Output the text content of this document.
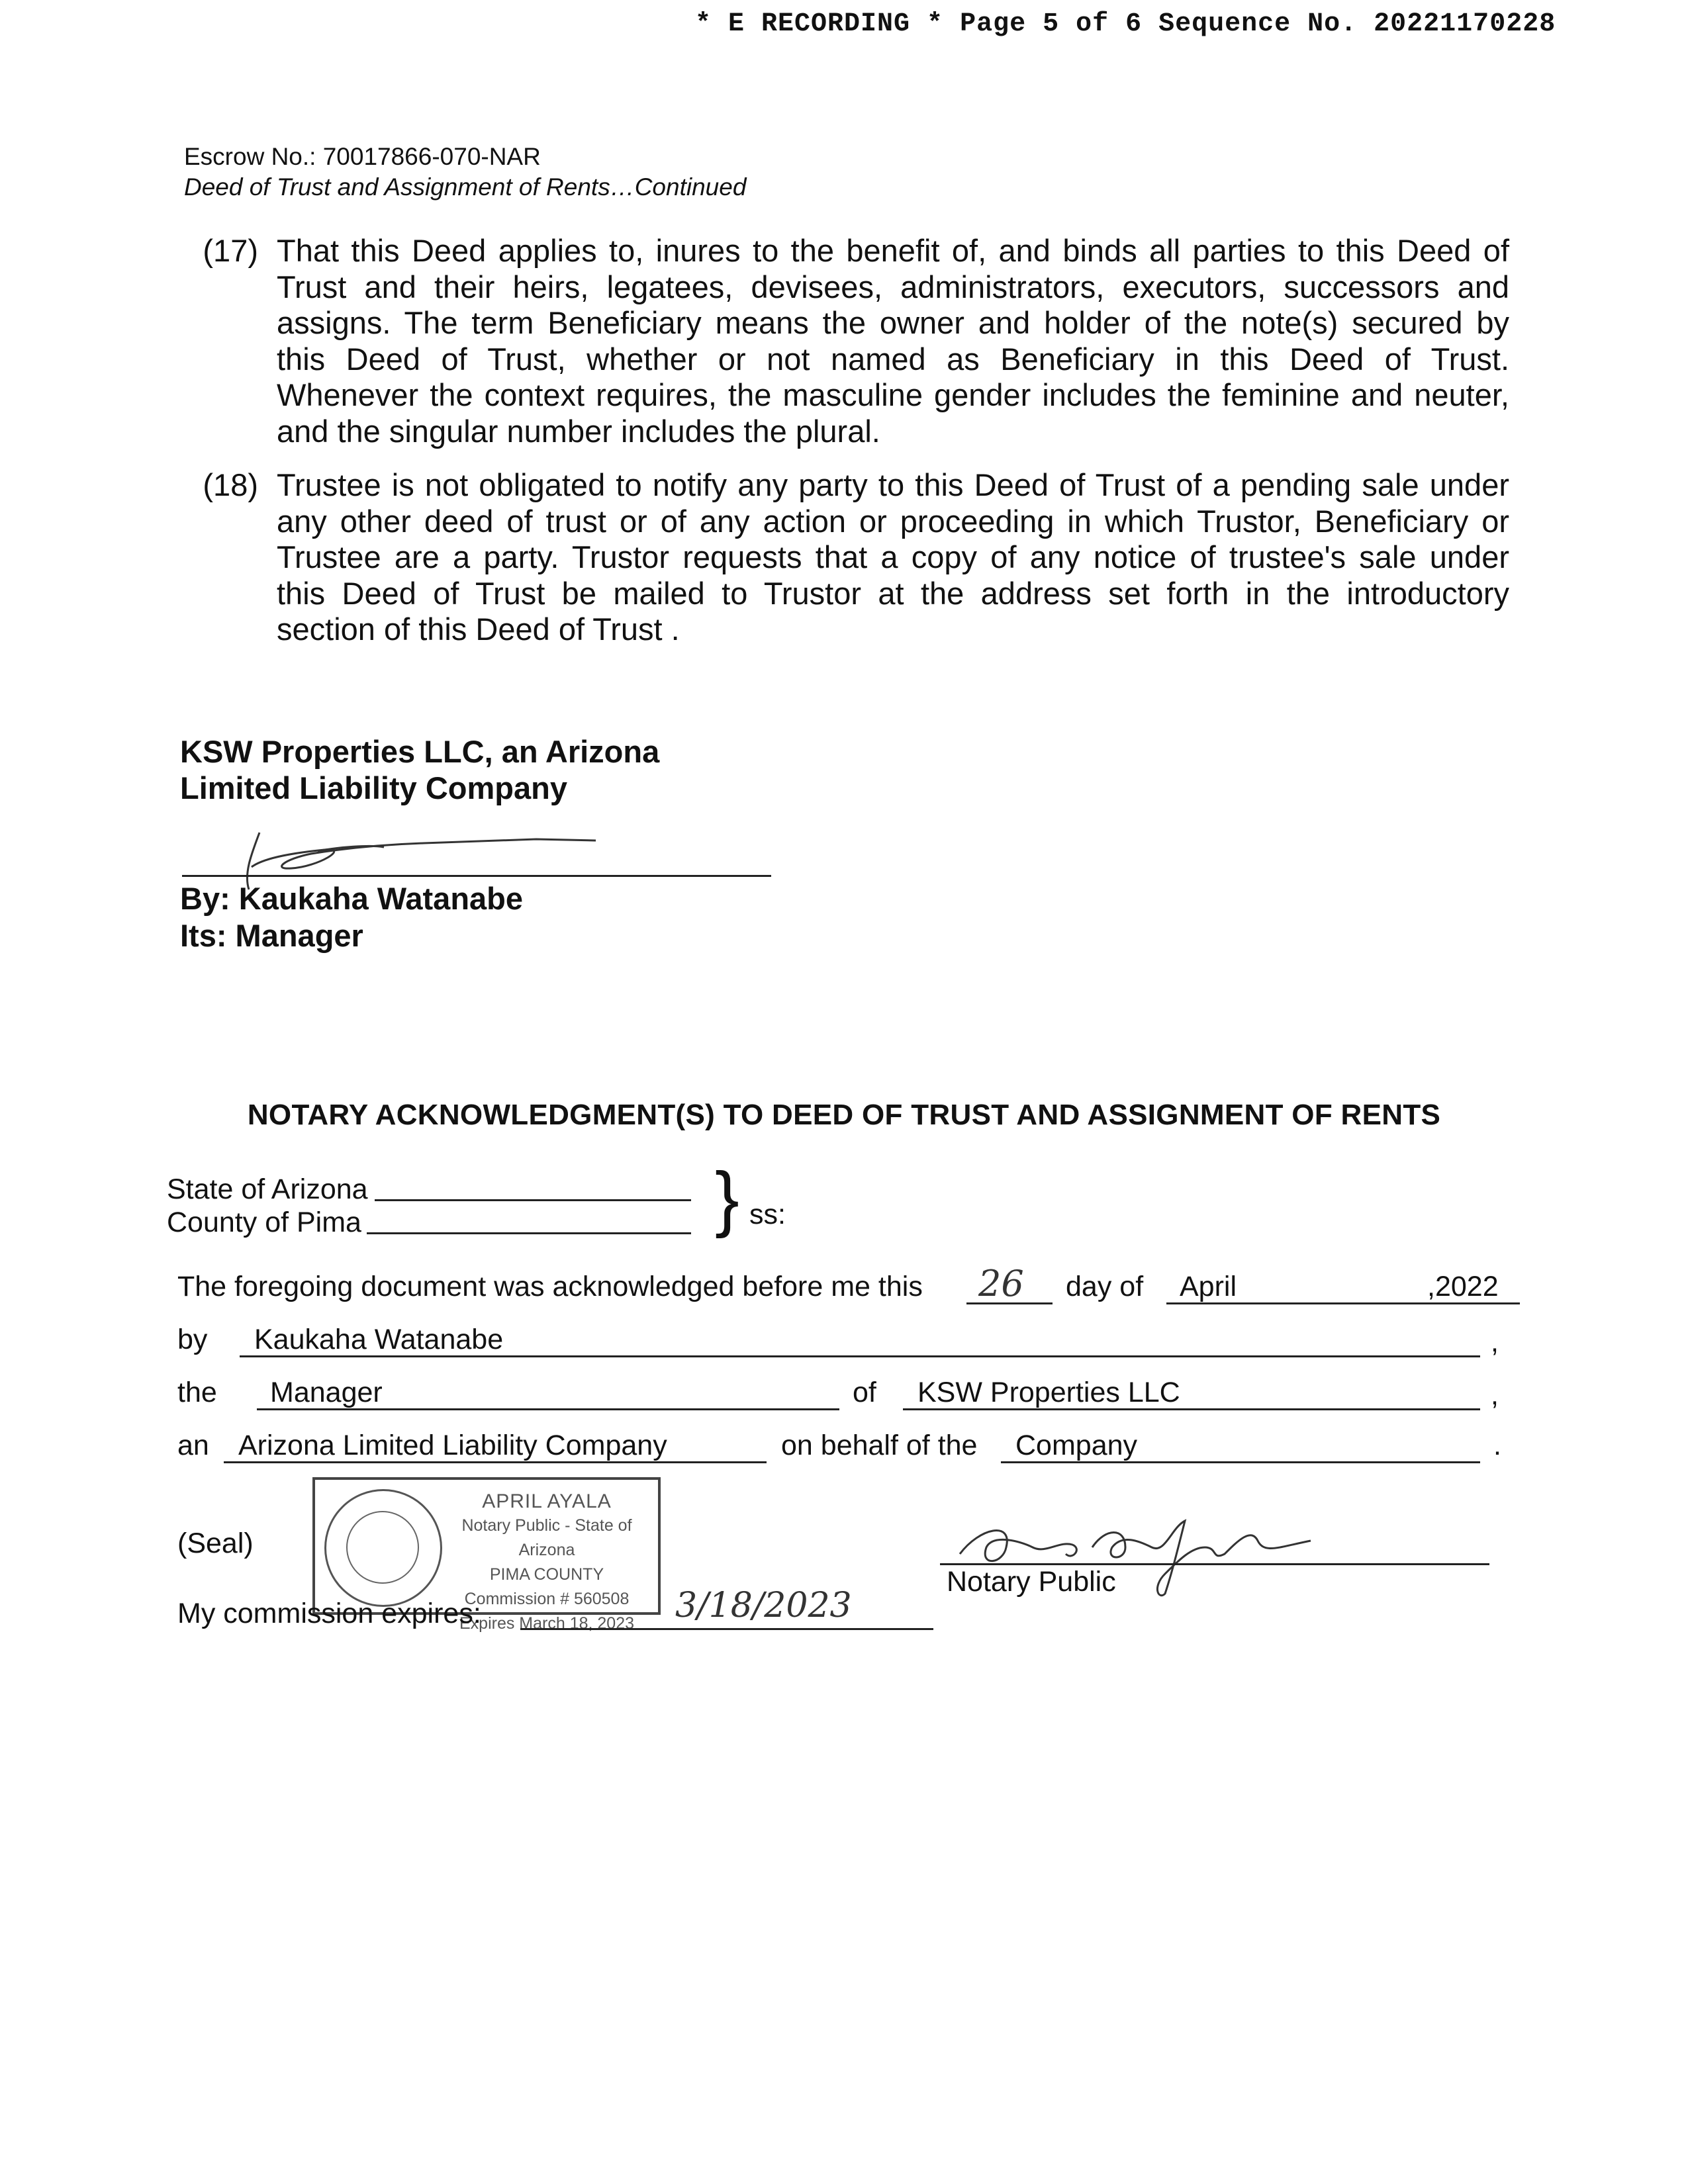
* E RECORDING * Page 5 of 6 Sequence No. 20221170228
Escrow No.: 70017866-070-NAR
Deed of Trust and Assignment of Rents…Continued
(17) That this Deed applies to, inures to the benefit of, and binds all parties to this Deed of
Trust and their heirs, legatees, devisees, administrators, executors, successors and
assigns. The term Beneficiary means the owner and holder of the note(s) secured by
this Deed of Trust, whether or not named as Beneficiary in this Deed of Trust.
Whenever the context requires, the masculine gender includes the feminine and neuter,
and the singular number includes the plural.
(18) Trustee is not obligated to notify any party to this Deed of Trust of a pending sale under
any other deed of trust or of any action or proceeding in which Trustor, Beneficiary or
Trustee are a party. Trustor requests that a copy of any notice of trustee's sale under
this Deed of Trust be mailed to Trustor at the address set forth in the introductory
section of this Deed of Trust .
KSW Properties LLC, an Arizona
Limited Liability Company
By: Kaukaha Watanabe
Its: Manager
NOTARY ACKNOWLEDGMENT(S) TO DEED OF TRUST AND ASSIGNMENT OF RENTS
State of Arizona
County of Pima	} ss:
The foregoing document was acknowledged before me this 26 day of April	,2022
by Kaukaha Watanabe	,
the Manager	of KSW Properties LLC	,
an Arizona Limited Liability Company	on behalf of the Company	.
(Seal)
APRIL AYALA
Notary Public - State of Arizona
PIMA COUNTY
Commission # 560508
Expires March 18, 2023
Notary Public
My commission expires:	3/18/2023
